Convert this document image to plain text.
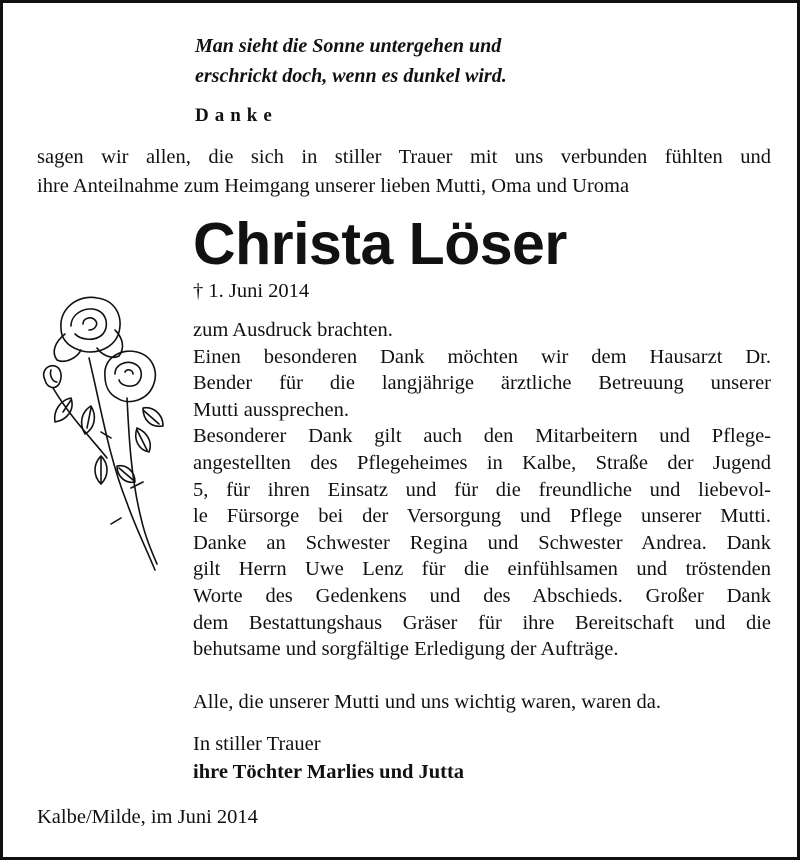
Man sieht die Sonne untergehen und
erschrickt doch, wenn es dunkel wird.

Danke

sagen wir allen, die sich in stiller Trauer mit uns verbunden fühlten und
ihre Anteilnahme zum Heimgang unserer lieben Mutti, Oma und Uroma

Christa Löser

† 1. Juni 2014

zum Ausdruck brachten.
Einen besonderen Dank möchten wir dem Hausarzt Dr.
Bender für die langjährige ärztliche Betreuung unserer
Mutti aussprechen.
Besonderer Dank gilt auch den Mitarbeitern und Pflege-
angestellten des Pflegeheimes in Kalbe, Straße der Jugend
5, für ihren Einsatz und für die freundliche und liebevol-
le Fürsorge bei der Versorgung und Pflege unserer Mutti.
Danke an Schwester Regina und Schwester Andrea. Dank
gilt Herrn Uwe Lenz für die einfühlsamen und tröstenden
Worte des Gedenkens und des Abschieds. Großer Dank
dem Bestattungshaus Gräser für ihre Bereitschaft und die
behutsame und sorgfältige Erledigung der Aufträge.

Alle, die unserer Mutti und uns wichtig waren, waren da.

In stiller Trauer

ihre Töchter Marlies und Jutta

Kalbe/Milde, im Juni 2014
